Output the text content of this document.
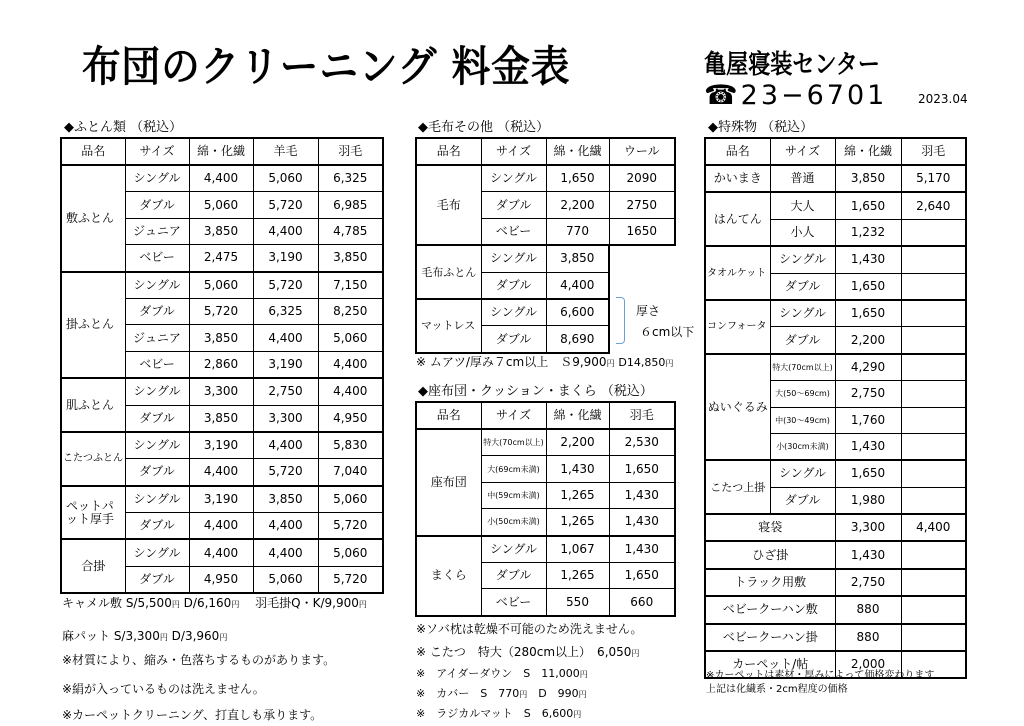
布団のクリーニング 料金表	亀屋寝装センター
☎23−6701	2023.04
◆ふとん類 （税込）
品名	サイズ	綿・化繊	羊毛	羽毛
敷ふとん	シングル	4,400	5,060	6,325
	ダブル	5,060	5,720	6,985
	ジュニア	3,850	4,400	4,785
	ベビー	2,475	3,190	3,850
掛ふとん	シングル	5,060	5,720	7,150
	ダブル	5,720	6,325	8,250
	ジュニア	3,850	4,400	5,060
	ベビー	2,860	3,190	4,400
肌ふとん	シングル	3,300	2,750	4,400
	ダブル	3,850	3,300	4,950
こたつふとん	シングル	3,190	4,400	5,830
	ダブル	4,400	5,720	7,040
ペットパット厚手	シングル	3,190	3,850	5,060
	ダブル	4,400	4,400	5,720
合掛	シングル	4,400	4,400	5,060
	ダブル	4,950	5,060	5,720
キャメル敷 S/5,500円 D/6,160円　 羽毛掛Q・K/9,900円
麻パット S/3,300円 D/3,960円
※材質により、縮み・色落ちするものがあります。
※絹が入っているものは洗えません。
※カーペットクリーニング、打直しも承ります。
◆毛布その他 （税込）
品名	サイズ	綿・化繊	ウール
毛布	シングル	1,650	2090
	ダブル	2,200	2750
	ベビー	770	1650
毛布ふとん	シングル	3,850	
	ダブル	4,400	
マットレス	シングル	6,600	
	ダブル	8,690	
厚さ
６cm以下
※ ムアツ/厚み７cm以上　Ｓ9,900円 D14,850円
◆座布団・クッション・まくら （税込）
品名	サイズ	綿・化繊	羽毛
座布団	特大(70cm以上)	2,200	2,530
	大(69cm未満)	1,430	1,650
	中(59cm未満)	1,265	1,430
	小(50cm未満)	1,265	1,430
まくら	シングル	1,067	1,430
	ダブル	1,265	1,650
	ベビー	550	660
※ソバ枕は乾燥不可能のため洗えません。
※ こたつ　特大（280cm以上）　6,050円
※　アイダーダウン　S　11,000円
※　カバー　S　770円　 D　990円
※　ラジカルマット　S　6,600円
◆特殊物 （税込）
品名	サイズ	綿・化繊	羽毛
かいまき	普通	3,850	5,170
はんてん	大人	1,650	2,640
	小人	1,232	
タオルケット	シングル	1,430	
	ダブル	1,650	
コンフォータ	シングル	1,650	
	ダブル	2,200	
ぬいぐるみ	特大(70cm以上)	4,290	
	大(50〜69cm)	2,750	
	中(30〜49cm)	1,760	
	小(30cm未満)	1,430	
こたつ上掛	シングル	1,650	
	ダブル	1,980	
寝袋		3,300	4,400
ひざ掛		1,430	
トラック用敷		2,750	
ベビークーハン敷		880	
ベビークーハン掛		880	
カーペット/帖		2,000	
※カーペットは素材・厚みによって価格変わります
上記は化繊系・2cm程度の価格
